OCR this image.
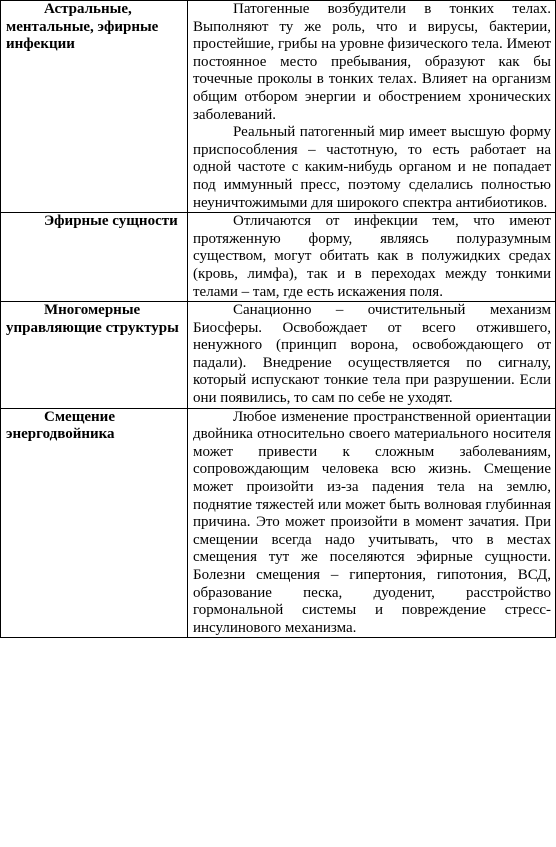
Астральные, ментальные, эфирные инфекции	Патогенные возбудители в тонких телах. Выполняют ту же роль, что и вирусы, бактерии, простейшие, грибы на уровне физического тела. Имеют постоянное место пребывания, образуют как бы точечные проколы в тонких телах. Влияет на организм общим отбором энергии и обострением хронических заболеваний.

Реальный патогенный мир имеет высшую форму приспособления – частотную, то есть работает на одной частоте с каким-нибудь органом и не попадает под иммунный пресс, поэтому сделались полностью неуничтожимыми для широкого спектра антибиотиков.

Эфирные сущности	Отличаются от инфекции тем, что имеют протяженную форму, являясь полуразумным существом, могут обитать как в полужидких средах (кровь, лимфа), так и в переходах между тонкими телами – там, где есть искажения поля.

Многомерные управляющие структуры	Санационно – очистительный механизм Биосферы. Освобождает от всего отжившего, ненужного (принцип ворона, освобождающего от падали). Внедрение осуществляется по сигналу, который испускают тонкие тела при разрушении. Если они появились, то сам по себе не уходят.

Смещение энергодвойника	Любое изменение пространственной ориентации двойника относительно своего материального носителя может привести к сложным заболеваниям, сопровождающим человека всю жизнь. Смещение может произойти из-за падения тела на землю, поднятие тяжестей или может быть волновая глубинная причина. Это может произойти в момент зачатия. При смещении всегда надо учитывать, что в местах смещения тут же поселяются эфирные сущности. Болезни смещения – гипертония, гипотония, ВСД, образование песка, дуоденит, расстройство гормональной системы и повреждение стресс-инсулинового механизма.
